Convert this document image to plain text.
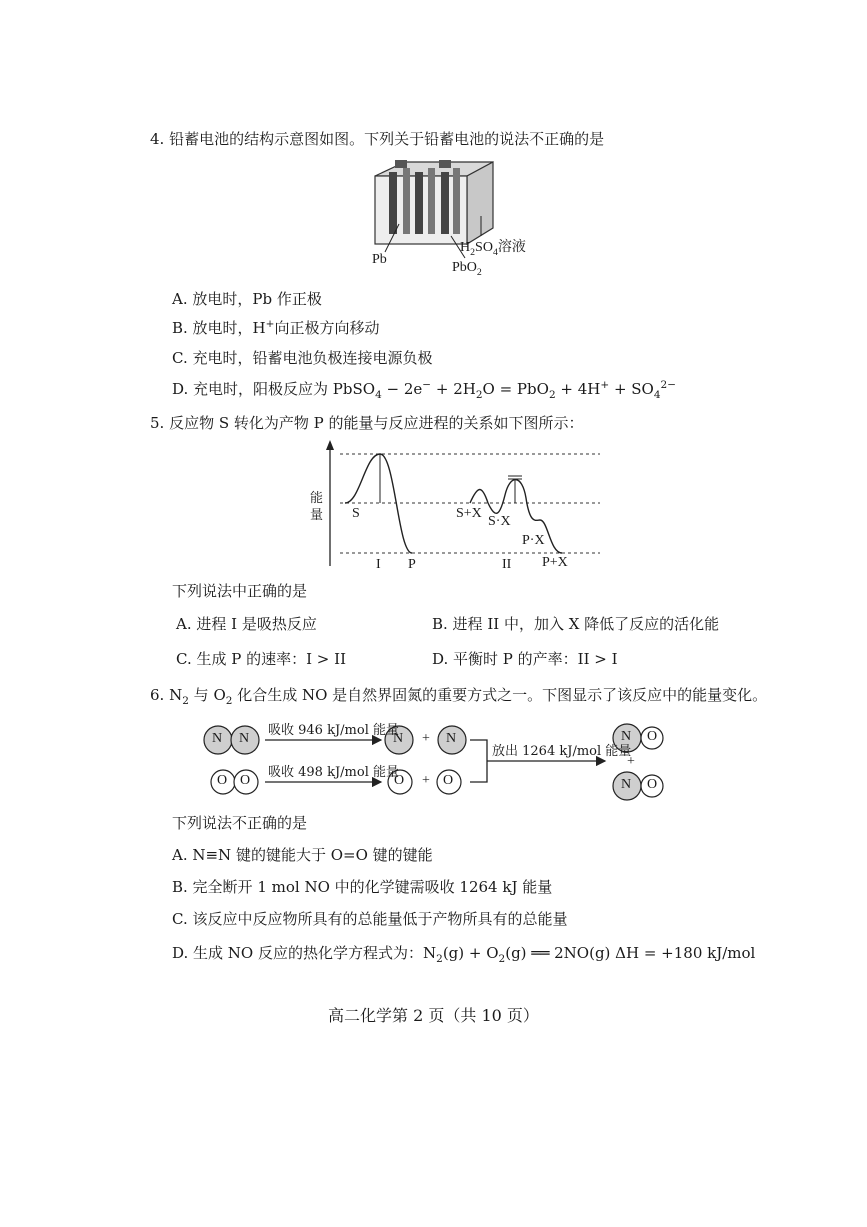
4. 铅蓄电池的结构示意图如图。下列关于铅蓄电池的说法不正确的是
Pb
$H_2SO_4$溶液
PbO$_2$
A. 放电时，Pb 作正极
B. 放电时，H+向正极方向移动
C. 充电时，铅蓄电池负极连接电源负极
D. 充电时，阳极反应为 PbSO$_4$ − $2e^- + 2H_2O = PbO_2 + 4H^+ + SO_4^{2-}$
5. 反应物 S 转化为产物 P 的能量与反应进程的关系如下图所示：
能
量 S	S+X
S·X
P·X
P+X
I P	II
下列说法中正确的是
A. 进程 I 是吸热反应	B. 进程 II 中，加入 X 降低了反应的活化能
C. 生成 P 的速率：I > II	D. 平衡时 P 的产率：II > I
6. $N_2$ 与 $O_2$ 化合生成 NO 是自然界固氮的重要方式之一。下图显示了该反应中的能量变化。
吸收 946 kJ/mol 能量
吸收 498 kJ/mol 能量
放出 1264 kJ/mol 能量
N N
O O
N + N
O + O
N O
+
N O
下列说法不正确的是
A. N≡N 键的键能大于 O=O 键的键能
B. 完全断开 1 mol NO 中的化学键需吸收 1264 kJ 能量
C. 该反应中反应物所具有的总能量低于产物所具有的总能量
D. 生成 NO 反应的热化学方程式为：$N_2(g) + O_2(g)$ ══ 2NO(g) ΔH = +180 kJ/mol
高二化学第 2 页（共 10 页）
